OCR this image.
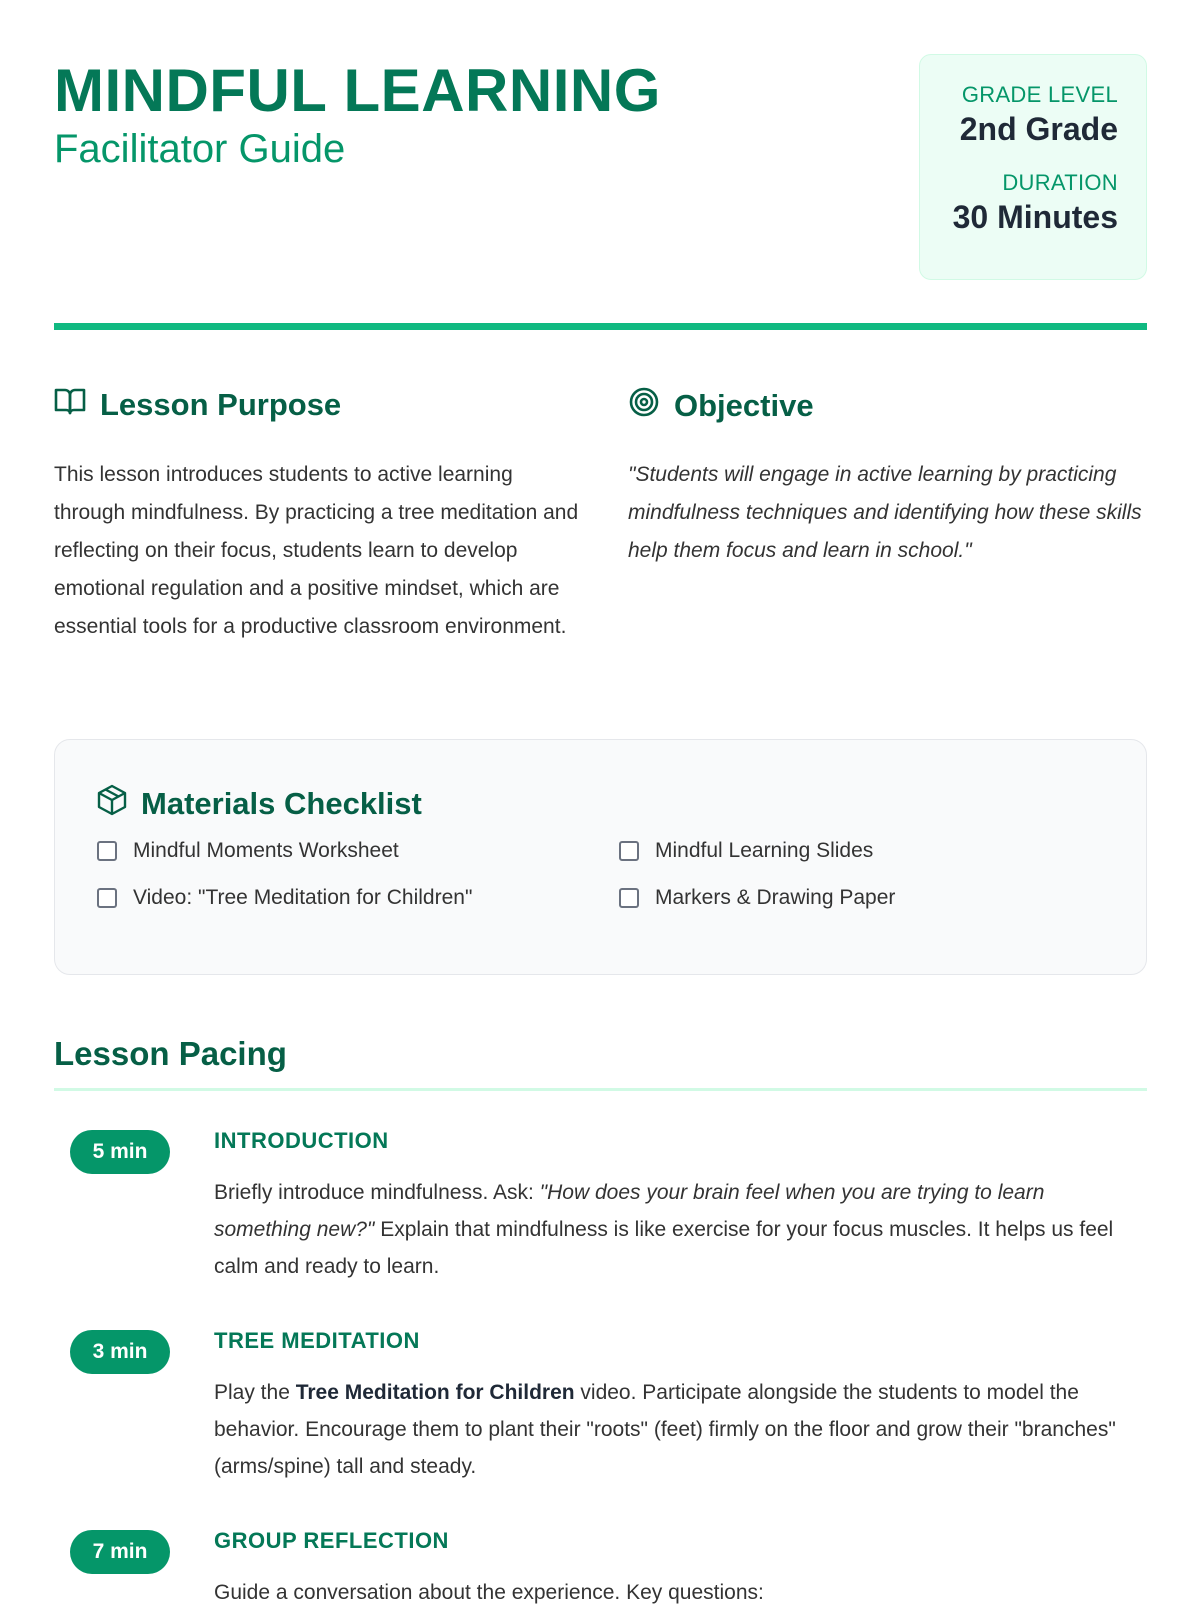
MINDFUL LEARNING
Facilitator Guide
GRADE LEVEL
2nd Grade
DURATION
30 Minutes
Lesson Purpose

This lesson introduces students to active learning through mindfulness. By practicing a tree meditation and reflecting on their focus, students learn to develop emotional regulation and a positive mindset, which are essential tools for a productive classroom environment.

Objective

"Students will engage in active learning by practicing mindfulness techniques and identifying how these skills help them focus and learn in school."

Materials Checklist
Mindful Moments Worksheet	Mindful Learning Slides
Video: "Tree Meditation for Children"	Markers & Drawing Paper
Lesson Pacing
5 min	INTRODUCTION

Briefly introduce mindfulness. Ask: "How does your brain feel when you are trying to learn something new?" Explain that mindfulness is like exercise for your focus muscles. It helps us feel calm and ready to learn.

3 min	TREE MEDITATION

Play the Tree Meditation for Children video. Participate alongside the students to model the behavior. Encourage them to plant their "roots" (feet) firmly on the floor and grow their "branches" (arms/spine) tall and steady.

7 min	GROUP REFLECTION

Guide a conversation about the experience. Key questions:
